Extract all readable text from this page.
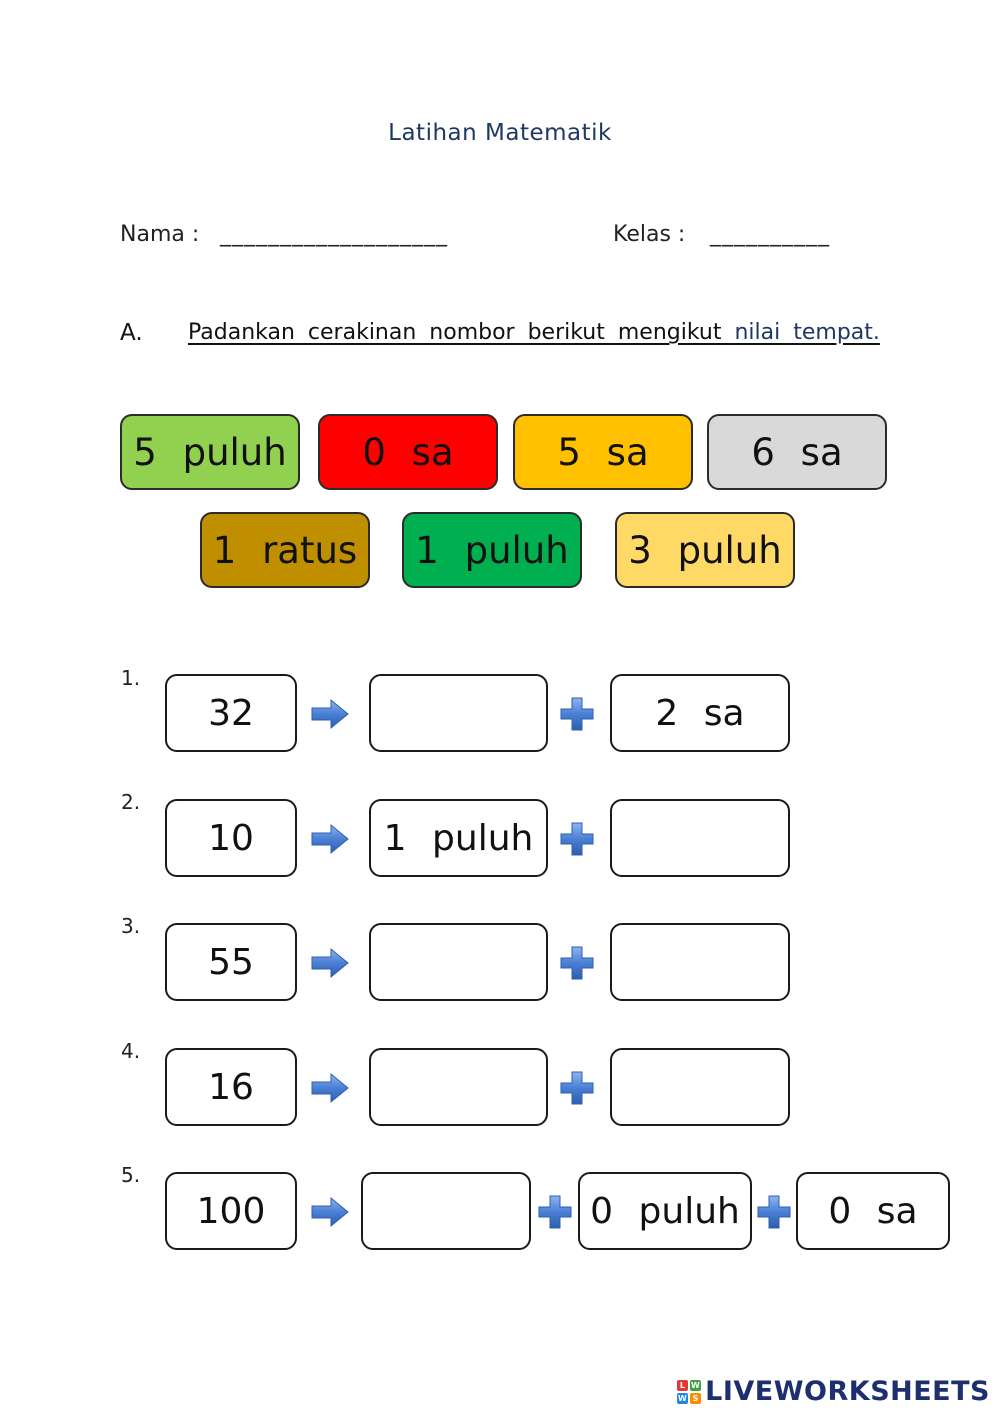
Latihan Matematik
Nama : ___________________	Kelas : __________
A. Padankan cerakinan nombor berikut mengikut nilai tempat.
5 puluh	0 sa	5 sa	6 sa
1 ratus	1 puluh	3 puluh
1.
32	2 sa
2.
10	1 puluh
3.
55
4.
16
5.
100	0 puluh	0 sa
L W
W S LIVEWORKSHEETS
